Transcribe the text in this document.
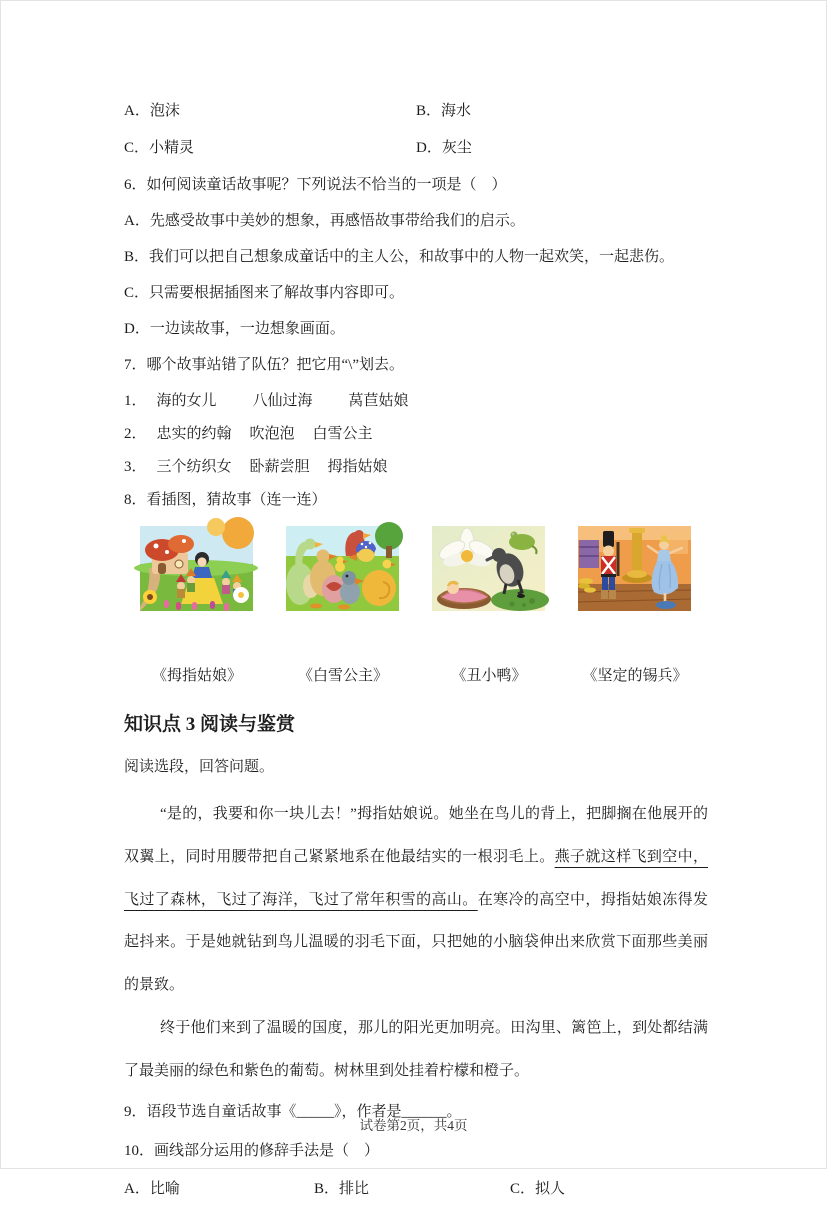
A．泡沫	B．海水
C．小精灵	D．灰尘

6．如何阅读童话故事呢？下列说法不恰当的一项是（　）

A．先感受故事中美妙的想象，再感悟故事带给我们的启示。

B．我们可以把自己想象成童话中的主人公，和故事中的人物一起欢笑，一起悲伤。

C．只需要根据插图来了解故事内容即可。

D．一边读故事，一边想象画面。

7．哪个故事站错了队伍？把它用“\”划去。

1． 海的女儿 八仙过海 莴苣姑娘
2． 忠实的约翰 吹泡泡 白雪公主
3． 三个纺织女 卧薪尝胆 拇指姑娘

8．看插图，猜故事（连一连）

《拇指姑娘》	《白雪公主》	《丑小鸭》	《坚定的锡兵》
知识点 3 阅读与鉴赏

阅读选段，回答问题。

“是的，我要和你一块儿去！”拇指姑娘说。她坐在鸟儿的背上，把脚搁在他展开的双翼上，同时用腰带把自己紧紧地系在他最结实的一根羽毛上。燕子就这样飞到空中，飞过了森林，飞过了海洋，飞过了常年积雪的高山。在寒冷的高空中，拇指姑娘冻得发起抖来。于是她就钻到鸟儿温暖的羽毛下面，只把她的小脑袋伸出来欣赏下面那些美丽的景致。

终于他们来到了温暖的国度，那儿的阳光更加明亮。田沟里、篱笆上，到处都结满了最美丽的绿色和紫色的葡萄。树林里到处挂着柠檬和橙子。

9．语段节选自童话故事《_____》，作者是______。

10．画线部分运用的修辞手法是（　）

A．比喻	B．排比	C．拟人
试卷第2页，共4页
